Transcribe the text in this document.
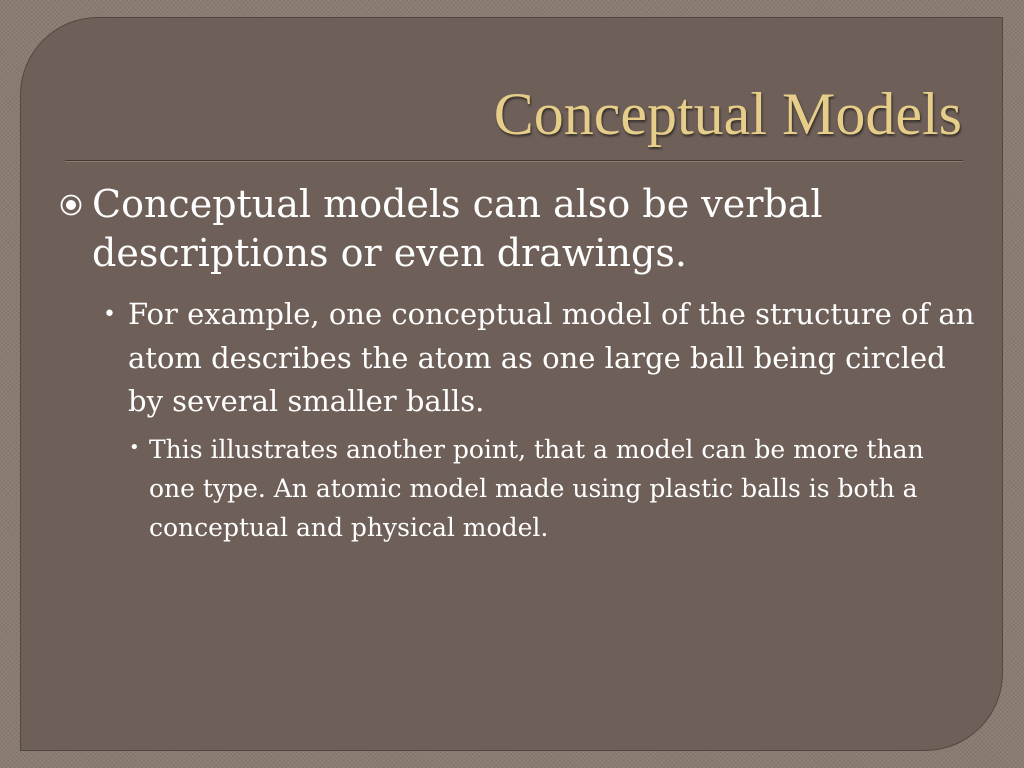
Conceptual Models
Conceptual models can also be verbal descriptions or even drawings.
• For example, one conceptual model of the structure of an atom describes the atom as one large ball being circled by several smaller balls.
• This illustrates another point, that a model can be more than one type. An atomic model made using plastic balls is both a conceptual and physical model.
